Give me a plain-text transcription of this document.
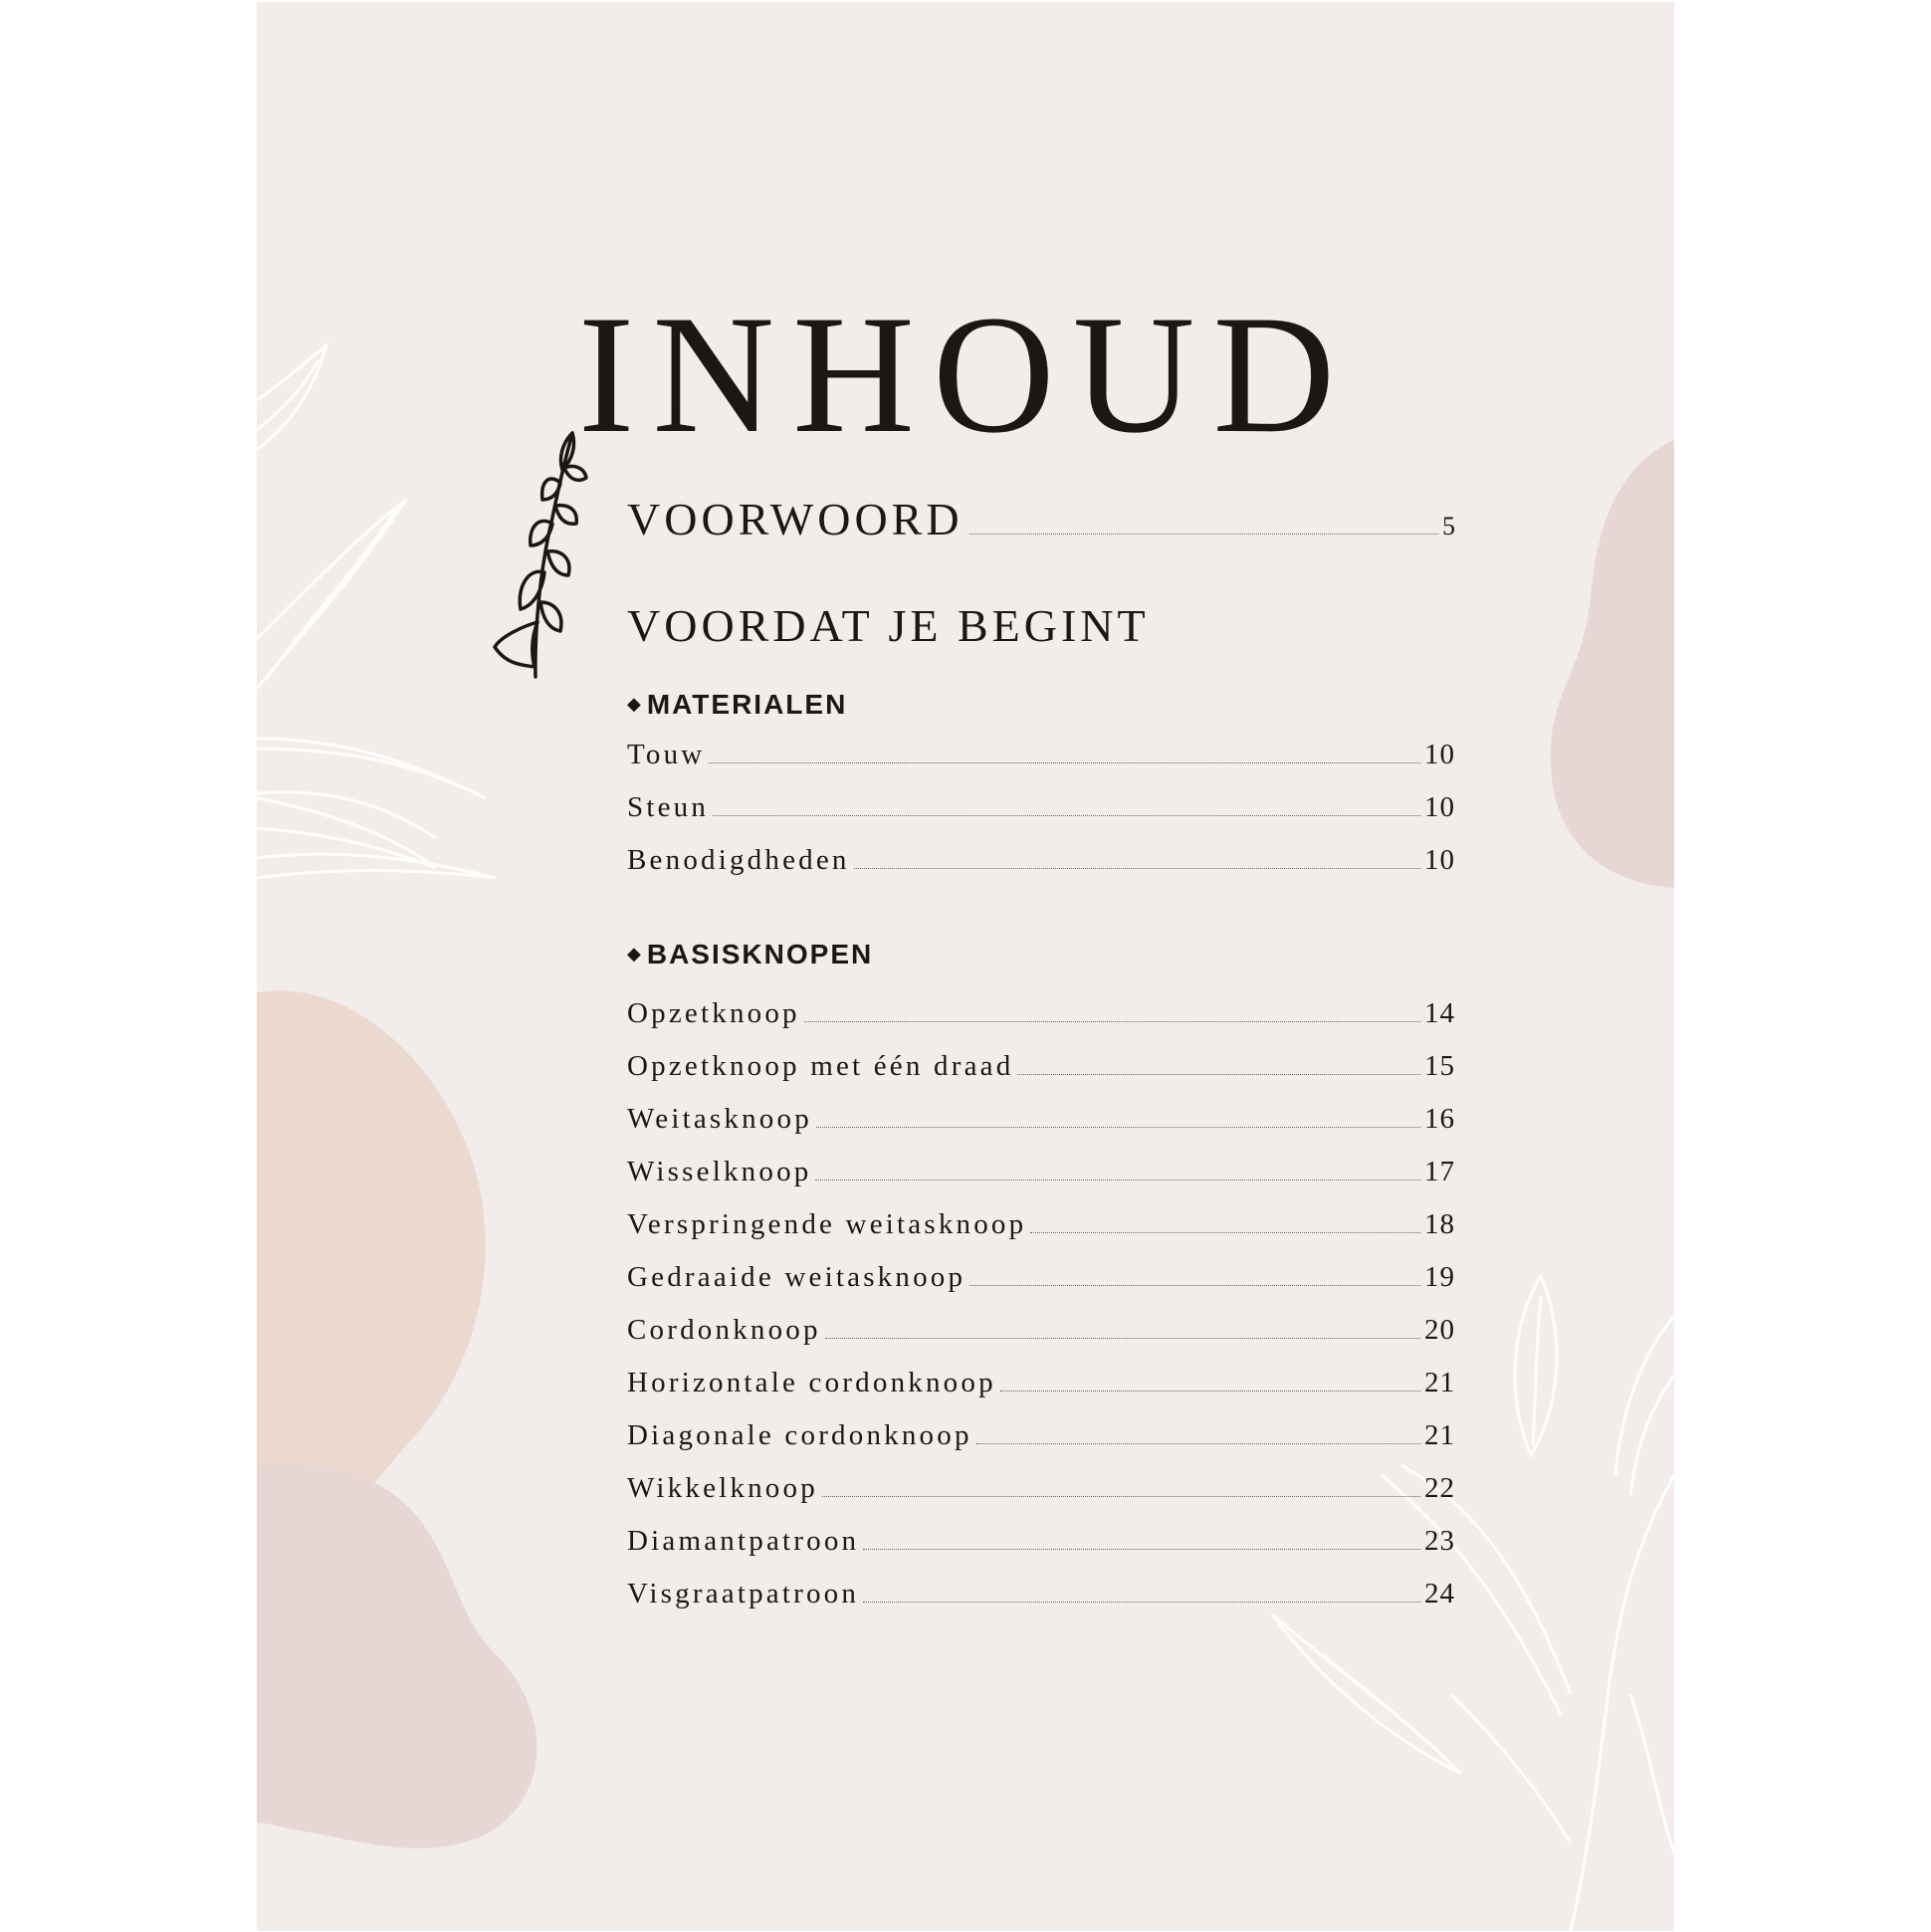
INHOUD
VOORWOORD	5
VOORDAT JE BEGINT
◆ MATERIALEN
Touw	10
Steun	10
Benodigdheden	10
◆ BASISKNOPEN
Opzetknoop	14
Opzetknoop met één draad	15
Weitasknoop	16
Wisselknoop	17
Verspringende weitasknoop	18
Gedraaide weitasknoop	19
Cordonknoop	20
Horizontale cordonknoop	21
Diagonale cordonknoop	21
Wikkelknoop	22
Diamantpatroon	23
Visgraatpatroon	24
